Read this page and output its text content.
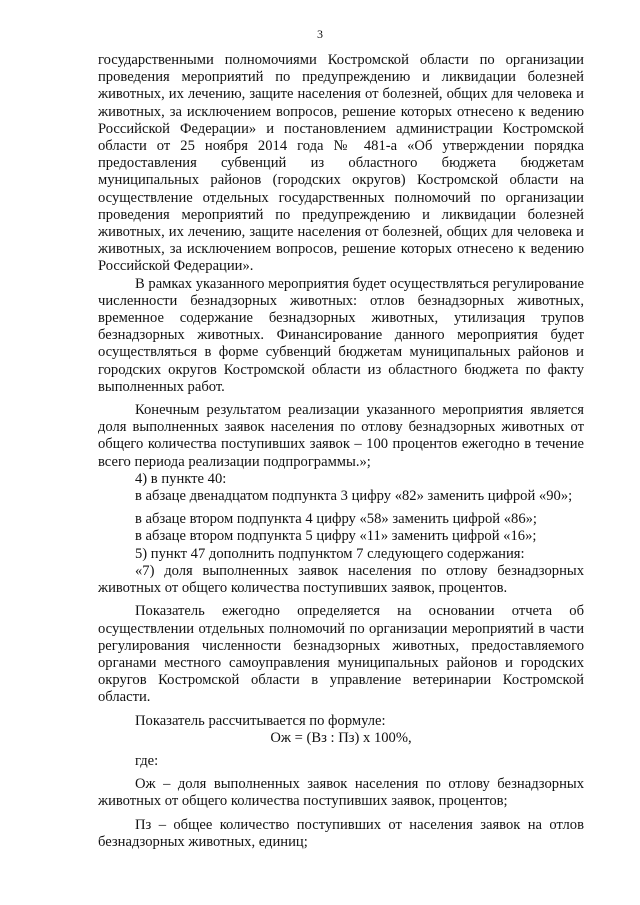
3

государственными полномочиями Костромской области по организации проведения мероприятий по предупреждению и ликвидации болезней животных, их лечению, защите населения от болезней, общих для человека и животных, за исключением вопросов, решение которых отнесено к ведению Российской Федерации» и постановлением администрации Костромской области от 25 ноября 2014 года № 481-а «Об утверждении порядка предоставления субвенций из областного бюджета бюджетам муниципальных районов (городских округов) Костромской области на осуществление отдельных государственных полномочий по организации проведения мероприятий по предупреждению и ликвидации болезней животных, их лечению, защите населения от болезней, общих для человека и животных, за исключением вопросов, решение которых отнесено к ведению Российской Федерации».

В рамках указанного мероприятия будет осуществляться регулирование численности безнадзорных животных: отлов безнадзорных животных, временное содержание безнадзорных животных, утилизация трупов безнадзорных животных. Финансирование данного мероприятия будет осуществляться в форме субвенций бюджетам муниципальных районов и городских округов Костромской области из областного бюджета по факту выполненных работ.

Конечным результатом реализации указанного мероприятия является доля выполненных заявок населения по отлову безнадзорных животных от общего количества поступивших заявок – 100 процентов ежегодно в течение всего периода реализации подпрограммы.»;

4) в пункте 40:

в абзаце двенадцатом подпункта 3 цифру «82» заменить цифрой «90»;

в абзаце втором подпункта 4 цифру «58» заменить цифрой «86»;

в абзаце втором подпункта 5 цифру «11» заменить цифрой «16»;

5) пункт 47 дополнить подпунктом 7 следующего содержания:

«7) доля выполненных заявок населения по отлову безнадзорных животных от общего количества поступивших заявок, процентов.

Показатель ежегодно определяется на основании отчета об осуществлении отдельных полномочий по организации мероприятий в части регулирования численности безнадзорных животных, предоставляемого органами местного самоуправления муниципальных районов и городских округов Костромской области в управление ветеринарии Костромской области.

Показатель рассчитывается по формуле:

Ож = (Вз : Пз) х 100%,

где:

Ож – доля выполненных заявок населения по отлову безнадзорных животных от общего количества поступивших заявок, процентов;

Пз – общее количество поступивших от населения заявок на отлов безнадзорных животных, единиц;
